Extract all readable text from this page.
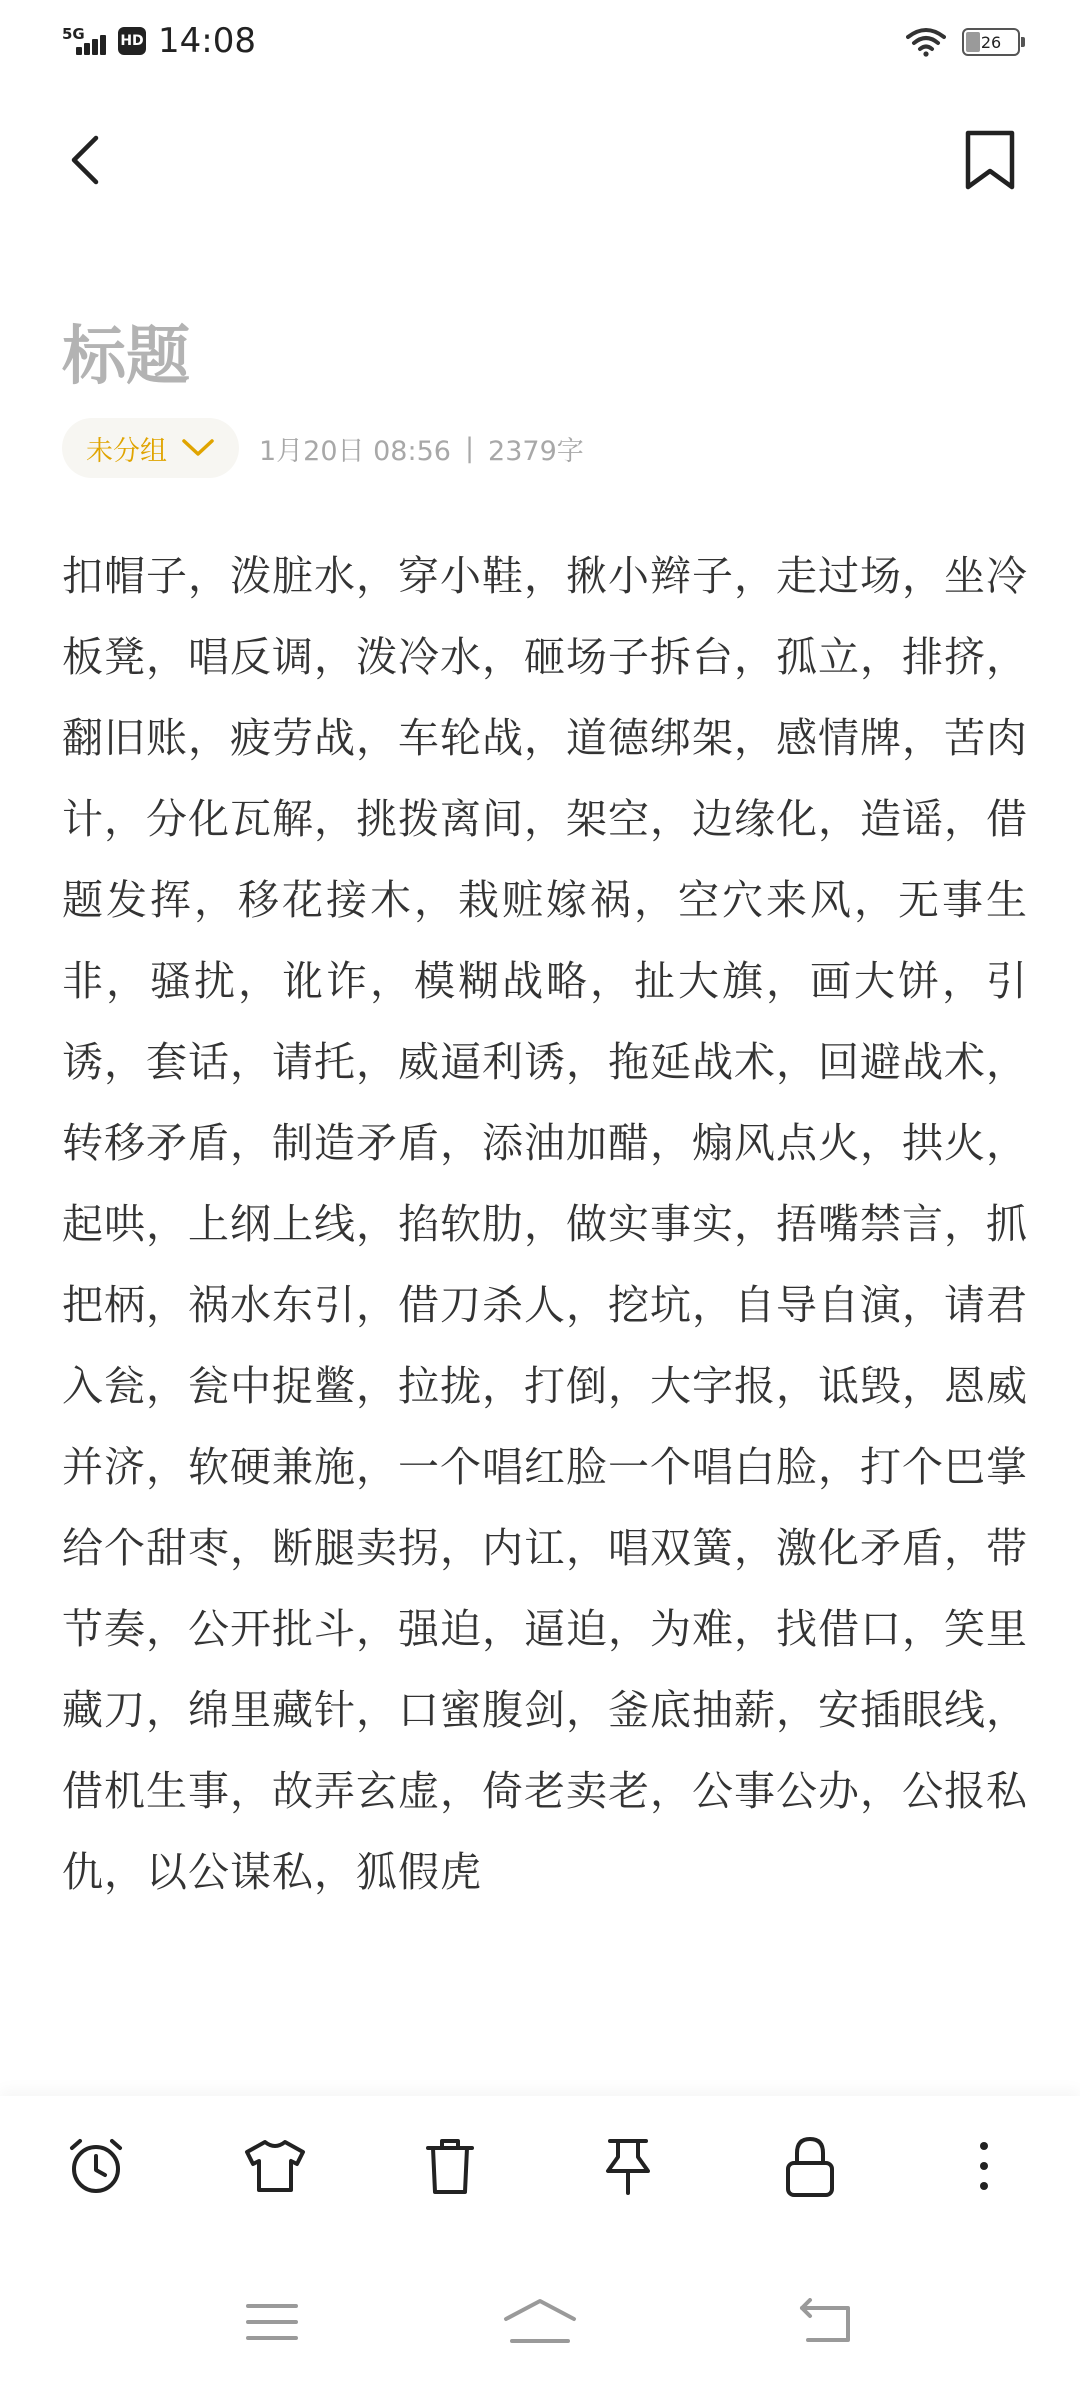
5G	HD 14:08	26
标题
未分组	1月20日 08:56 | 2379字

扣帽子，泼脏水，穿小鞋，揪小辫子，走过场，坐冷板凳，唱反调，泼冷水，砸场子拆台，孤立，排挤，翻旧账，疲劳战，车轮战，道德绑架，感情牌，苦肉计，分化瓦解，挑拨离间，架空，边缘化，造谣，借题发挥，移花接木，栽赃嫁祸，空穴来风，无事生非，骚扰，讹诈，模糊战略，扯大旗，画大饼，引诱，套话，请托，威逼利诱，拖延战术，回避战术，转移矛盾，制造矛盾，添油加醋，煽风点火，拱火，起哄，上纲上线，掐软肋，做实事实，捂嘴禁言，抓把柄，祸水东引，借刀杀人，挖坑，自导自演，请君入瓮，瓮中捉鳖，拉拢，打倒，大字报，诋毁，恩威并济，软硬兼施，一个唱红脸一个唱白脸，打个巴掌给个甜枣，断腿卖拐，内讧，唱双簧，激化矛盾，带节奏，公开批斗，强迫，逼迫，为难，找借口，笑里藏刀，绵里藏针，口蜜腹剑，釜底抽薪，安插眼线，借机生事，故弄玄虚，倚老卖老，公事公办，公报私仇，以公谋私，狐假虎
